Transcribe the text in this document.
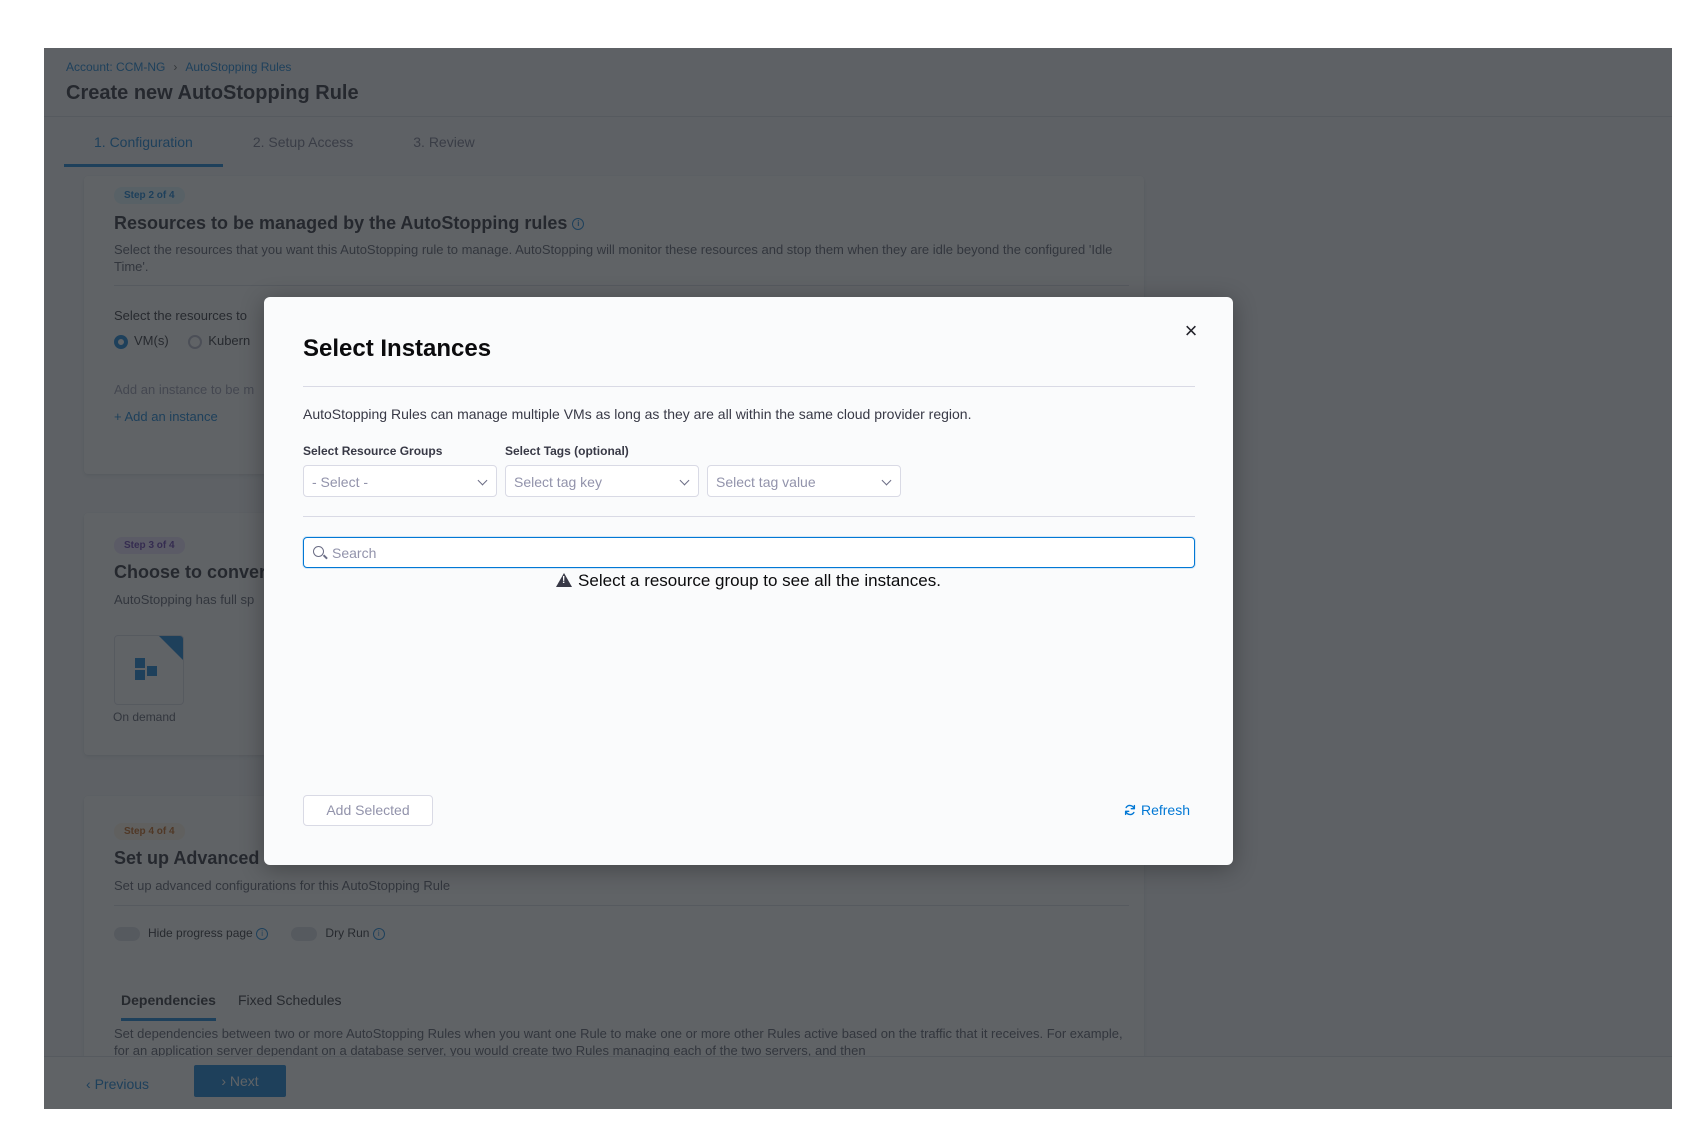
×
Select Instances
AutoStopping Rules can manage multiple VMs as long as they are all within the same cloud provider region.
Select Resource Groups	Select Tags (optional)
- Select -	Select tag key	Select tag value
Search
!Select a resource group to see all the instances.
Add Selected	Refresh
